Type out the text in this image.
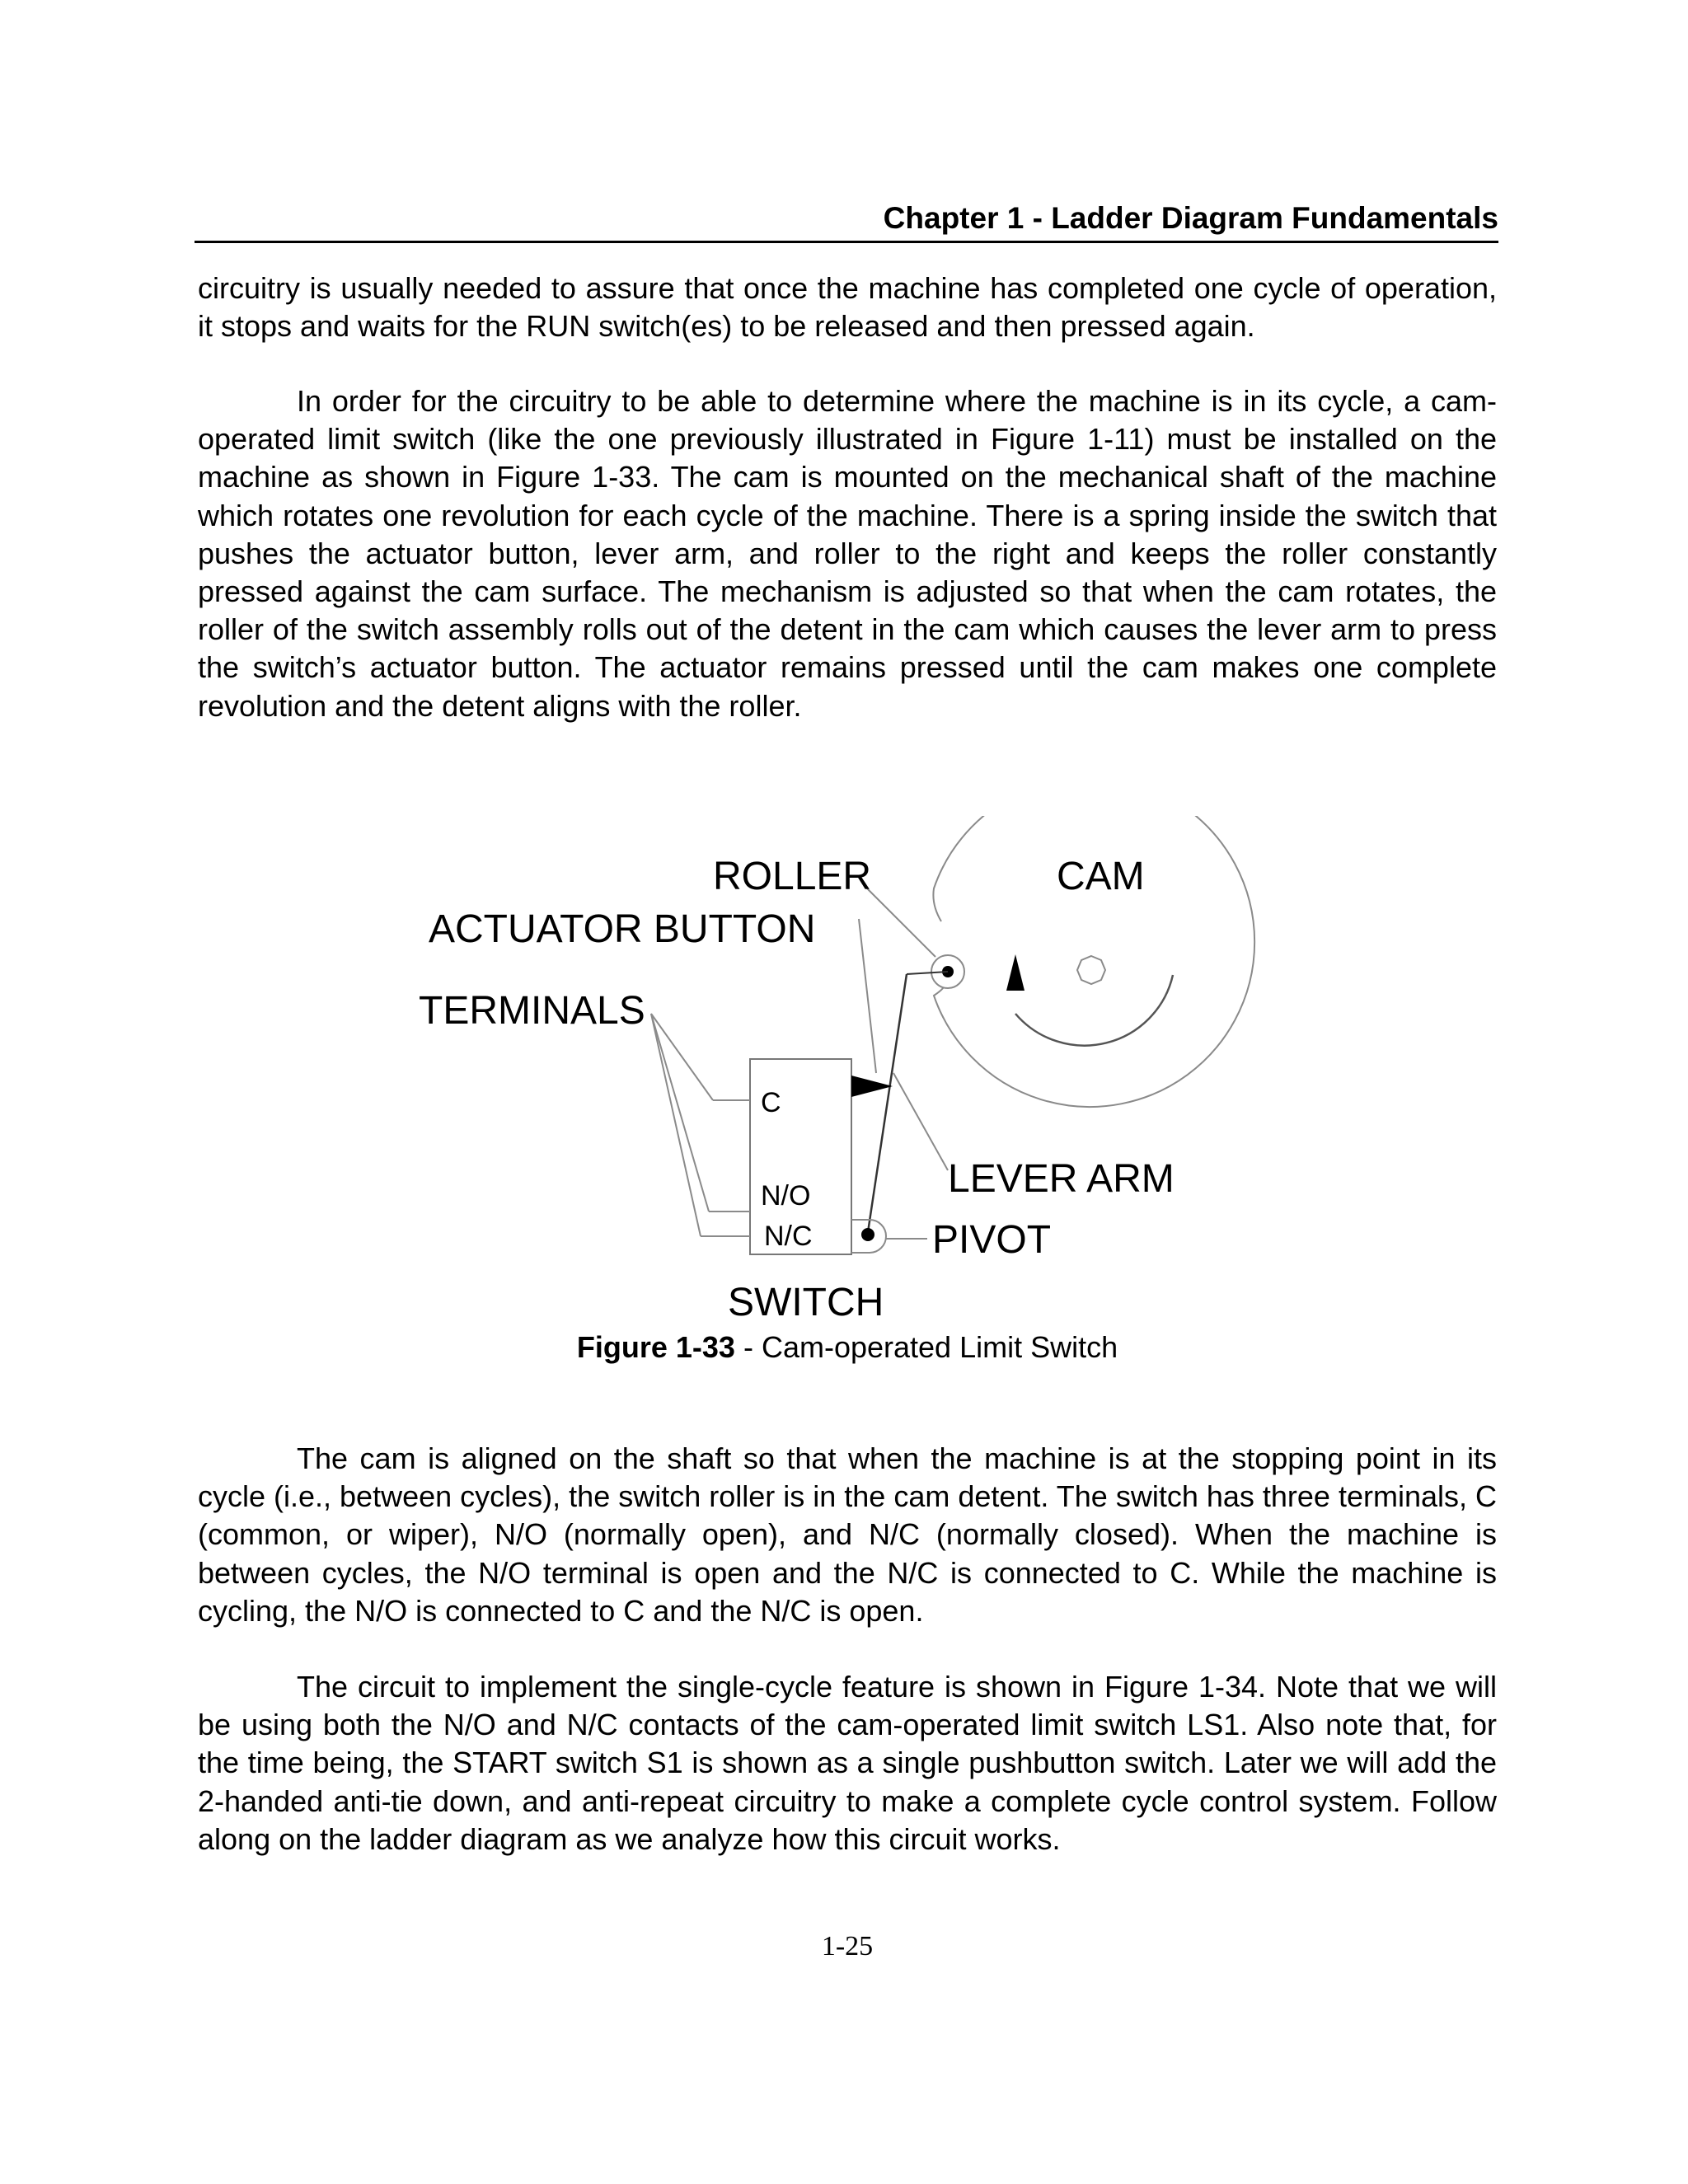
Chapter 1 - Ladder Diagram Fundamentals

circuitry is usually needed to assure that once the machine has completed one cycle of operation, it stops and waits for the RUN switch(es) to be released and then pressed again.

In order for the circuitry to be able to determine where the machine is in its cycle, a cam-operated limit switch (like the one previously illustrated in Figure 1-11) must be installed on the machine as shown in Figure 1-33. The cam is mounted on the mechanical shaft of the machine which rotates one revolution for each cycle of the machine. There is a spring inside the switch that pushes the actuator button, lever arm, and roller to the right and keeps the roller constantly pressed against the cam surface. The mechanism is adjusted so that when the cam rotates, the roller of the switch assembly rolls out of the detent in the cam which causes the lever arm to press the switch’s actuator button. The actuator remains pressed until the cam makes one complete revolution and the detent aligns with the roller.

ROLLER	CAM
ACTUATOR BUTTON
TERMINALS
C
N/O
N/C
LEVER ARM
PIVOT
SWITCH
Figure 1-33 - Cam-operated Limit Switch

The cam is aligned on the shaft so that when the machine is at the stopping point in its cycle (i.e., between cycles), the switch roller is in the cam detent. The switch has three terminals, C (common, or wiper), N/O (normally open), and N/C (normally closed). When the machine is between cycles, the N/O terminal is open and the N/C is connected to C. While the machine is cycling, the N/O is connected to C and the N/C is open.

The circuit to implement the single-cycle feature is shown in Figure 1-34. Note that we will be using both the N/O and N/C contacts of the cam-operated limit switch LS1. Also note that, for the time being, the START switch S1 is shown as a single pushbutton switch. Later we will add the 2-handed anti-tie down, and anti-repeat circuitry to make a complete cycle control system. Follow along on the ladder diagram as we analyze how this circuit works.

1-25
